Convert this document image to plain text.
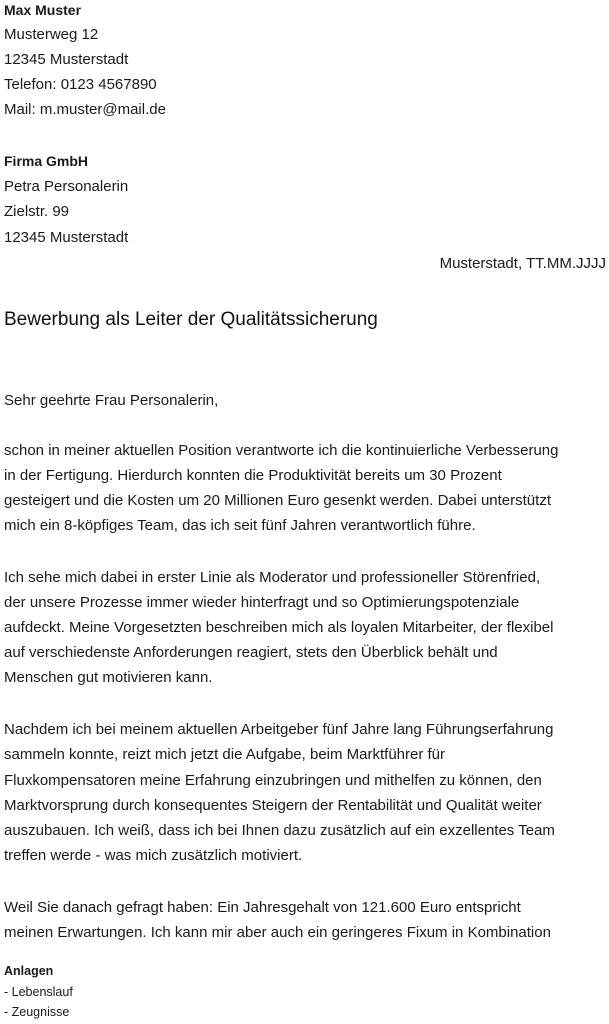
Max Muster
Musterweg 12
12345 Musterstadt
Telefon: 0123 4567890
Mail: m.muster@mail.de
Firma GmbH
Petra Personalerin
Zielstr. 99
12345 Musterstadt
Musterstadt, TT.MM.JJJJ
Bewerbung als Leiter der Qualitätssicherung
Sehr geehrte Frau Personalerin,
schon in meiner aktuellen Position verantworte ich die kontinuierliche Verbesserung
in der Fertigung. Hierdurch konnten die Produktivität bereits um 30 Prozent
gesteigert und die Kosten um 20 Millionen Euro gesenkt werden. Dabei unterstützt
mich ein 8-köpfiges Team, das ich seit fünf Jahren verantwortlich führe.
Ich sehe mich dabei in erster Linie als Moderator und professioneller Störenfried,
der unsere Prozesse immer wieder hinterfragt und so Optimierungspotenziale
aufdeckt. Meine Vorgesetzten beschreiben mich als loyalen Mitarbeiter, der flexibel
auf verschiedenste Anforderungen reagiert, stets den Überblick behält und
Menschen gut motivieren kann.
Nachdem ich bei meinem aktuellen Arbeitgeber fünf Jahre lang Führungserfahrung
sammeln konnte, reizt mich jetzt die Aufgabe, beim Marktführer für
Fluxkompensatoren meine Erfahrung einzubringen und mithelfen zu können, den
Marktvorsprung durch konsequentes Steigern der Rentabilität und Qualität weiter
auszubauen. Ich weiß, dass ich bei Ihnen dazu zusätzlich auf ein exzellentes Team
treffen werde - was mich zusätzlich motiviert.
Weil Sie danach gefragt haben: Ein Jahresgehalt von 121.600 Euro entspricht
meinen Erwartungen. Ich kann mir aber auch ein geringeres Fixum in Kombination
Anlagen
- Lebenslauf
- Zeugnisse
